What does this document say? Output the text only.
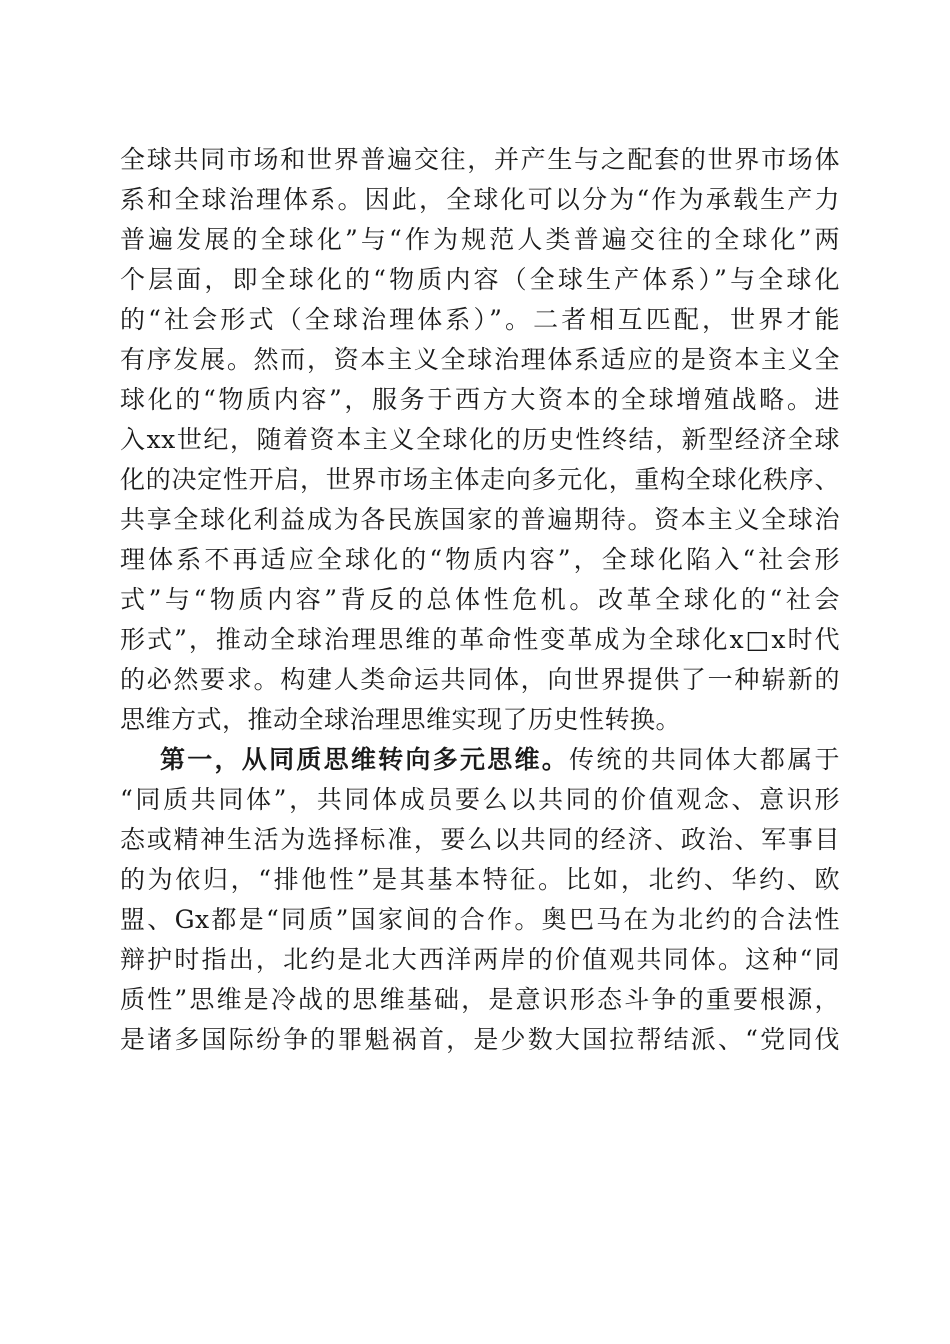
全球共同市场和世界普遍交往，并产生与之配套的世界市场体
系和全球治理体系。因此，全球化可以分为“作为承载生产力
普遍发展的全球化”与“作为规范人类普遍交往的全球化”两
个层面，即全球化的“物质内容（全球生产体系）”与全球化
的“社会形式（全球治理体系）”。二者相互匹配，世界才能
有序发展。然而，资本主义全球治理体系适应的是资本主义全
球化的“物质内容”，服务于西方大资本的全球增殖战略。进
入xx世纪，随着资本主义全球化的历史性终结，新型经济全球
化的决定性开启，世界市场主体走向多元化，重构全球化秩序、
共享全球化利益成为各民族国家的普遍期待。资本主义全球治
理体系不再适应全球化的“物质内容”，全球化陷入“社会形
式”与“物质内容”背反的总体性危机。改革全球化的“社会
形式”，推动全球治理思维的革命性变革成为全球化x□x时代
的必然要求。构建人类命运共同体，向世界提供了一种崭新的
思维方式，推动全球治理思维实现了历史性转换。
第一，从同质思维转向多元思维。传统的共同体大都属于
“同质共同体”，共同体成员要么以共同的价值观念、意识形
态或精神生活为选择标准，要么以共同的经济、政治、军事目
的为依归，“排他性”是其基本特征。比如，北约、华约、欧
盟、Gx都是“同质”国家间的合作。奥巴马在为北约的合法性
辩护时指出，北约是北大西洋两岸的价值观共同体。这种“同
质性”思维是冷战的思维基础，是意识形态斗争的重要根源，
是诸多国际纷争的罪魁祸首，是少数大国拉帮结派、“党同伐
